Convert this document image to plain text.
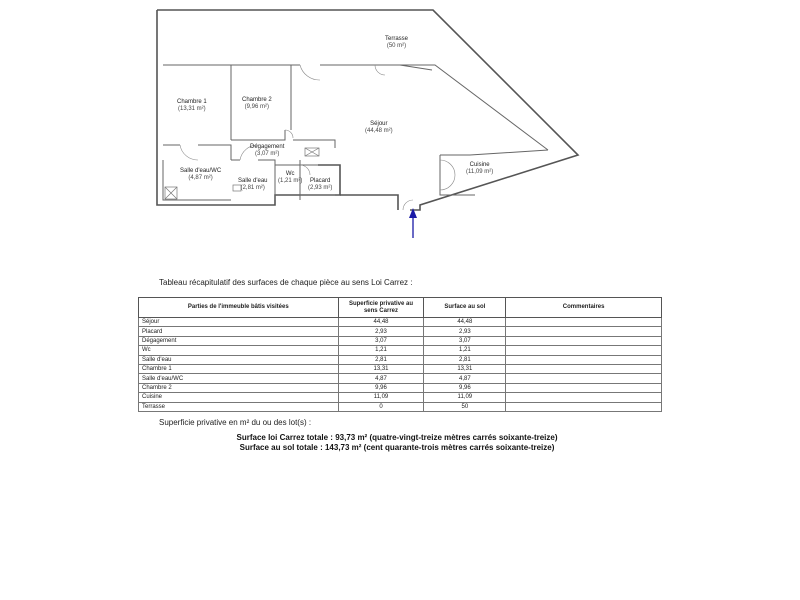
Terrasse
(50 m²)
Chambre 1
(13,31 m²)
Chambre 2
(9,96 m²)
Séjour
(44,48 m²)
Dégagement
(3,07 m²)
Cuisine
(11,09 m²)
Salle d'eau/WC
(4,87 m²)	Salle d'eau
(2,81 m²)
Wc
(1,21 m²)	Placard
(2,93 m²)
Tableau récapitulatif des surfaces de chaque pièce au sens Loi Carrez :
Parties de l'immeuble bâtis visitées	Superficie privative au sens Carrez	Surface au sol	Commentaires
Séjour	44,48	44,48	
Placard	2,93	2,93	
Dégagement	3,07	3,07	
Wc	1,21	1,21	
Salle d'eau	2,81	2,81	
Chambre 1	13,31	13,31	
Salle d'eau/WC	4,87	4,87	
Chambre 2	9,96	9,96	
Cuisine	11,09	11,09	
Terrasse	0	50	
Superficie privative en m² du ou des lot(s) :
Surface loi Carrez totale : 93,73 m² (quatre-vingt-treize mètres carrés soixante-treize)
Surface au sol totale : 143,73 m² (cent quarante-trois mètres carrés soixante-treize)
